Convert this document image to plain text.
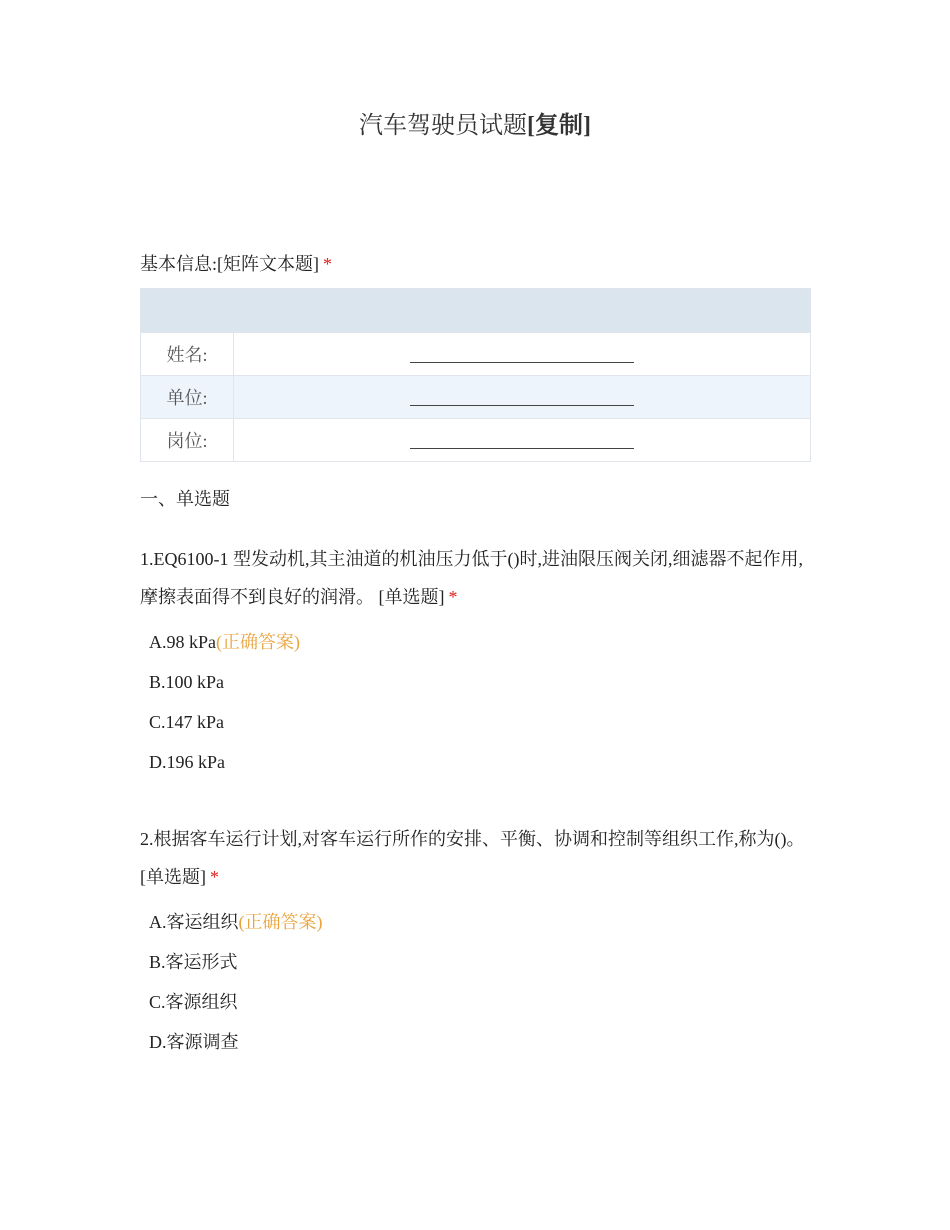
汽车驾驶员试题[复制]
基本信息:[矩阵文本题] *

姓名:	
单位:	
岗位:	
一、单选题
1.EQ6100-1 型发动机,其主油道的机油压力低于()时,进油限压阀关闭,细滤器不起作用,摩擦表面得不到良好的润滑。 [单选题] *
A.98 kPa(正确答案)
B.100 kPa
C.147 kPa
D.196 kPa
2.根据客车运行计划,对客车运行所作的安排、平衡、协调和控制等组织工作,称为()。 [单选题] *
A.客运组织(正确答案)
B.客运形式
C.客源组织
D.客源调查
